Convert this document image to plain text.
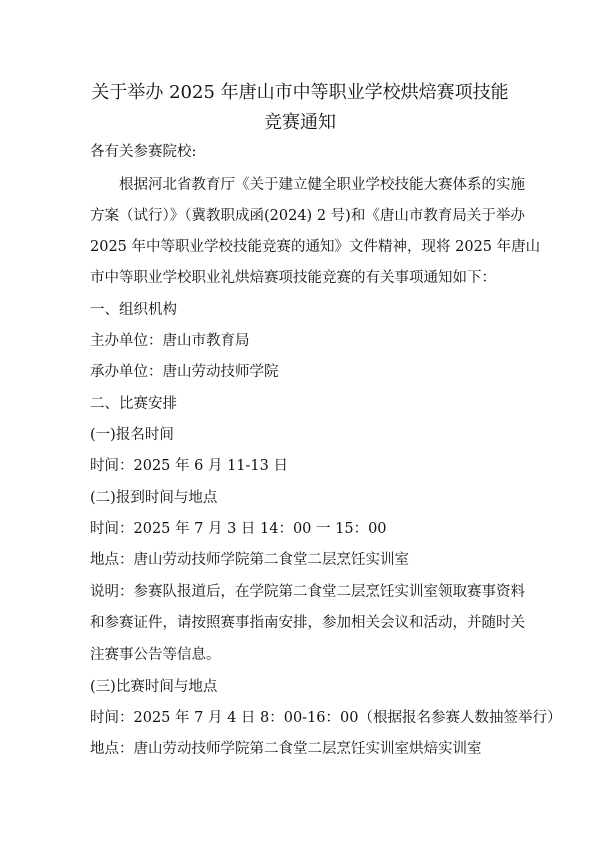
关于举办 2025 年唐山市中等职业学校烘焙赛项技能
竞赛通知
各有关参赛院校:
根据河北省教育厅《关于建立健全职业学校技能大赛体系的实施
方案（试行）》（冀教职成函(2024) 2 号)和《唐山市教育局关于举办
2025 年中等职业学校技能竞赛的通知》文件精神，现将 2025 年唐山
市中等职业学校职业礼烘焙赛项技能竞赛的有关事项通知如下：
一、组织机构
主办单位：唐山市教育局
承办单位：唐山劳动技师学院
二、比赛安排
(一)报名时间
时间：2025 年 6 月 11-13 日
(二)报到时间与地点
时间：2025 年 7 月 3 日 14：00 一 15：00
地点：唐山劳动技师学院第二食堂二层烹饪实训室
说明：参赛队报道后，在学院第二食堂二层烹饪实训室领取赛事资料
和参赛证件，请按照赛事指南安排，参加相关会议和活动，并随时关
注赛事公告等信息。
(三)比赛时间与地点
时间：2025 年 7 月 4 日 8：00-16：00（根据报名参赛人数抽签举行）
地点：唐山劳动技师学院第二食堂二层烹饪实训室烘焙实训室
